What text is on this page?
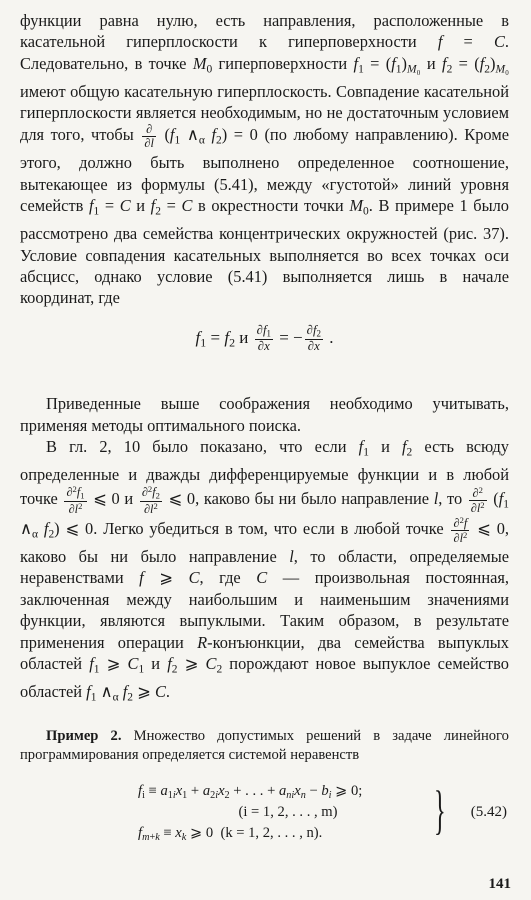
функции равна нулю, есть направления, расположенные в касательной гиперплоскости к гиперповерхности f = C. Следовательно, в точке $M_0$ гиперповерхности $f_1 = (f_1)_{M_0}$ и $f_2 = (f_2)_{M_0}$ имеют общую касательную гиперплоскость. Совпадение касательной гиперплоскости является необходимым, но не достаточным условием для того, чтобы $\frac{\partial}{\partial l} (f_1$ $\wedge_\alpha$ $f_2) = 0$ (по любому направлению). Кроме этого, должно быть выполнено определенное соотношение, вытекающее из формулы (5.41), между «густотой» линий уровня семейств $f_1 = C$ и $f_2 = C$ в окрестности точки $M_0$. В примере 1 было рассмотрено два семейства концентрических окружностей (рис. 37). Условие совпадения касательных выполняется во всех точках оси абсцисс, однако условие (5.41) выполняется лишь в начале координат, где

$f_1 = f_2$ и $\frac{\partial f_1}{\partial x}$ = − $\frac{\partial f_2}{\partial x}$ .

Приведенные выше соображения необходимо учитывать, применяя методы оптимального поиска.

В гл. 2, 10 было показано, что если $f_1$ и $f_2$ есть всюду определенные и дважды дифференцируемые функции и в любой точке $\frac{\partial^2f_1}{\partial l^2}$ ⩽ 0 и $\frac{\partial^2f_2}{\partial l^2}$ ⩽ 0, каково бы ни было направление l, то $\frac{\partial^2}{\partial l^2} (f_1$ $\wedge_\alpha$ $f_2$) ⩽ 0. Легко убедиться в том, что если в любой точке $\frac{\partial^2f}{\partial l^2}$ ⩽ 0, каково бы ни было направление l, то области, определяемые неравенствами f ⩾ C, где C — произвольная постоянная, заключенная между наибольшим и наименьшим значениями функции, являются выпуклыми. Таким образом, в результате применения операции R-конъюнкции, два семейства выпуклых областей $f_1$ ⩾ $C_1$ и $f_2$ ⩾ $C_2$ порождают новое выпуклое семейство областей $f_1$ $\wedge_\alpha$ $f_2$ ⩾ C.

Пример 2. Множество допустимых решений в задаче линейного программирования определяется системой неравенств

$f_i \equiv a_{1i}x_1 + a_{2i}x_2$ + . . . + $a_{ni}x_n - b_i$ ⩾ 0;
(i = 1, 2, . . . , m)
$f_{m+k} \equiv x_k$ ⩾ 0  (k = 1, 2, . . . , n).	} (5.42)
141
